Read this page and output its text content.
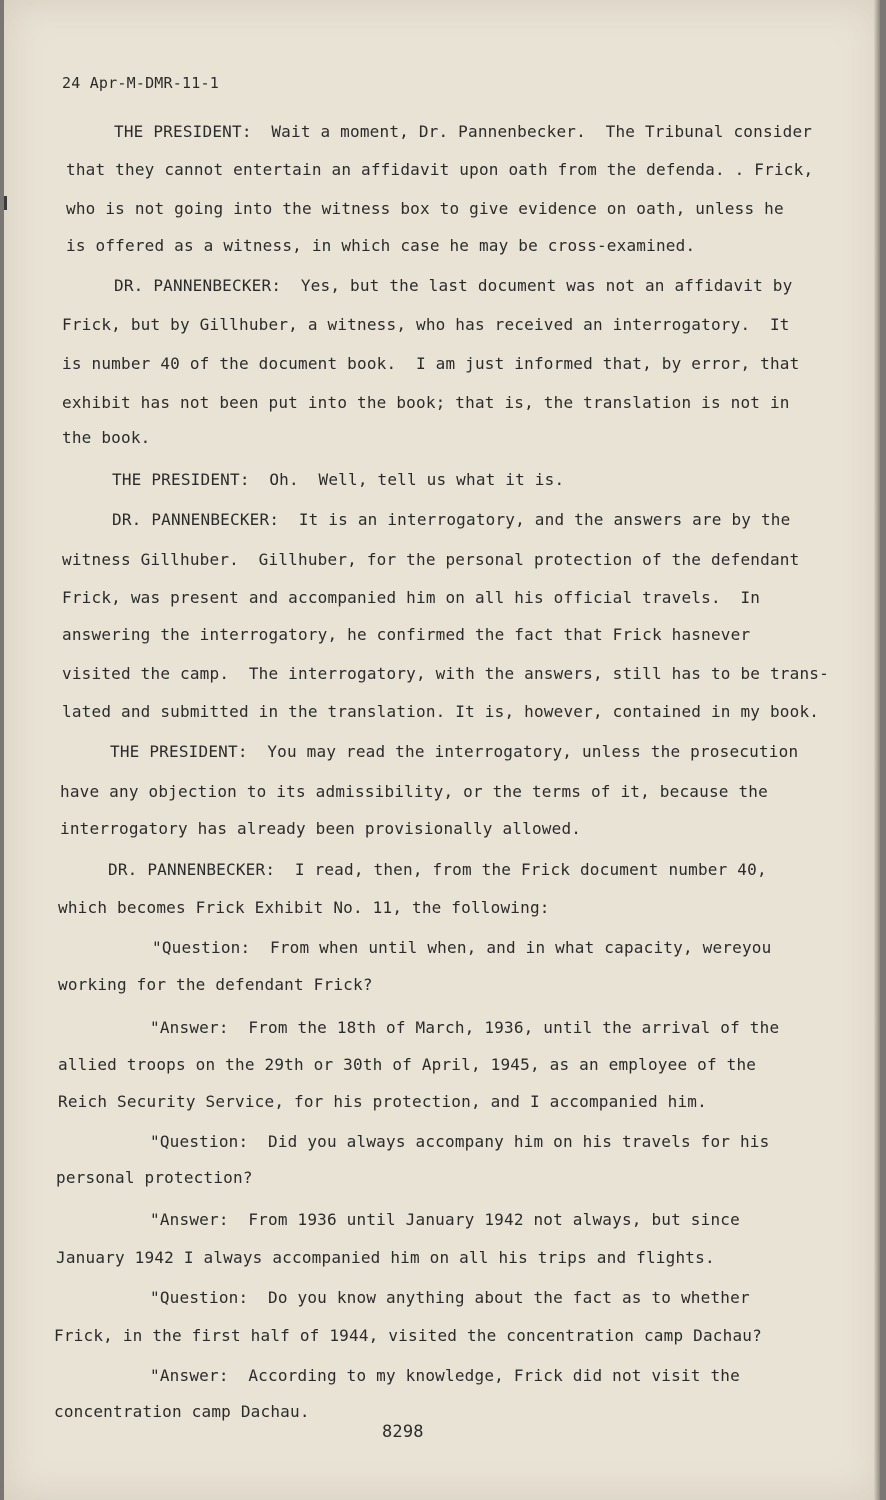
24 Apr-M-DMR-11-1
THE PRESIDENT:  Wait a moment, Dr. Pannenbecker.  The Tribunal consider
that they cannot entertain an affidavit upon oath from the defenda. . Frick,
who is not going into the witness box to give evidence on oath, unless he
is offered as a witness, in which case he may be cross-examined.
DR. PANNENBECKER:  Yes, but the last document was not an affidavit by
Frick, but by Gillhuber, a witness, who has received an interrogatory.  It
is number 40 of the document book.  I am just informed that, by error, that
exhibit has not been put into the book; that is, the translation is not in
the book.
THE PRESIDENT:  Oh.  Well, tell us what it is.
DR. PANNENBECKER:  It is an interrogatory, and the answers are by the
witness Gillhuber.  Gillhuber, for the personal protection of the defendant
Frick, was present and accompanied him on all his official travels.  In
answering the interrogatory, he confirmed the fact that Frick hasnever
visited the camp.  The interrogatory, with the answers, still has to be trans-
lated and submitted in the translation. It is, however, contained in my book.
THE PRESIDENT:  You may read the interrogatory, unless the prosecution
have any objection to its admissibility, or the terms of it, because the
interrogatory has already been provisionally allowed.
DR. PANNENBECKER:  I read, then, from the Frick document number 40,
which becomes Frick Exhibit No. 11, the following:
"Question:  From when until when, and in what capacity, wereyou
working for the defendant Frick?
"Answer:  From the 18th of March, 1936, until the arrival of the
allied troops on the 29th or 30th of April, 1945, as an employee of the
Reich Security Service, for his protection, and I accompanied him.
"Question:  Did you always accompany him on his travels for his
personal protection?
"Answer:  From 1936 until January 1942 not always, but since
January 1942 I always accompanied him on all his trips and flights.
"Question:  Do you know anything about the fact as to whether
Frick, in the first half of 1944, visited the concentration camp Dachau?
"Answer:  According to my knowledge, Frick did not visit the
concentration camp Dachau.
8298
